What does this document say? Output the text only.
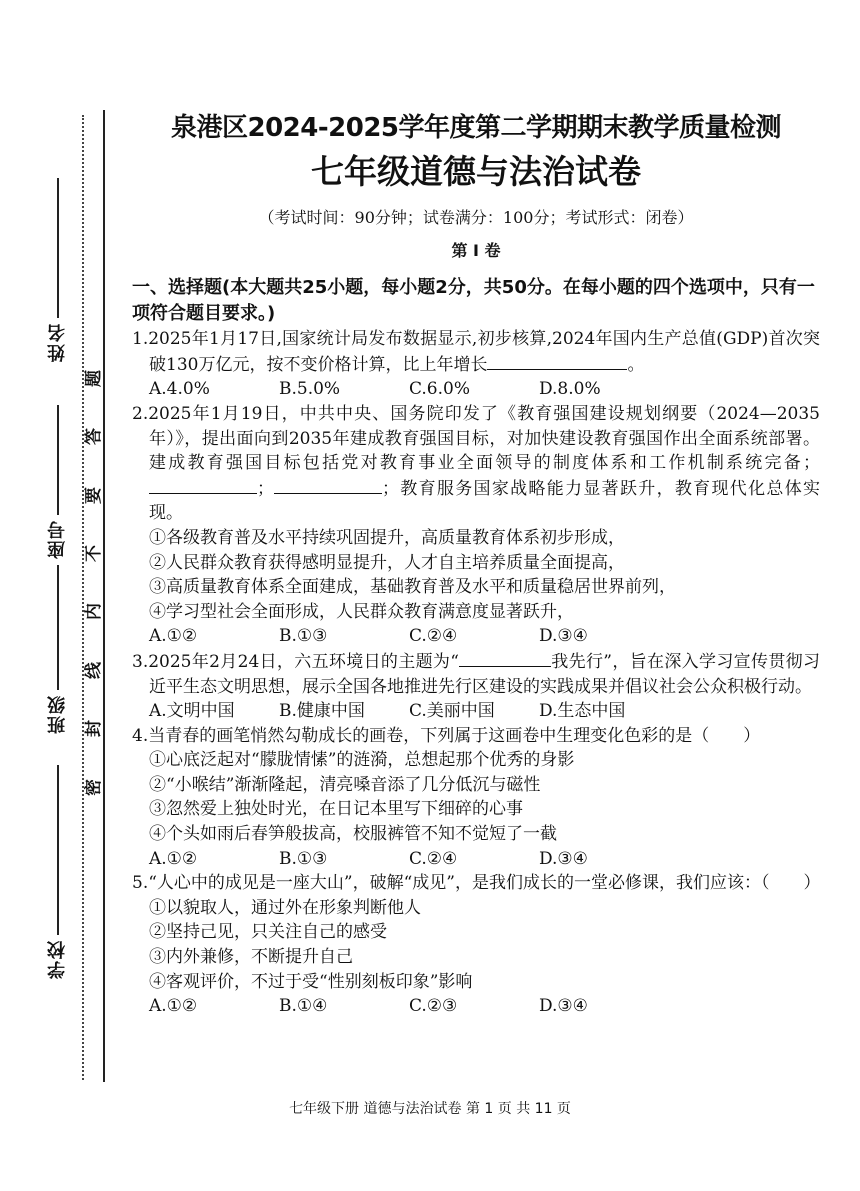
姓名
座号
班级
学校
题
答
要
不
内
线
封
密
泉港区2024-2025学年度第二学期期末教学质量检测
七年级道德与法治试卷
（考试时间：90分钟；试卷满分：100分；考试形式：闭卷）
第 Ⅰ 卷
一、选择题(本大题共25小题，每小题2分，共50分。在每小题的四个选项中，只有一项符合题目要求。)
1.2025年1月17日,国家统计局发布数据显示,初步核算,2024年国内生产总值(GDP)首次突破130万亿元，按不变价格计算，比上年增长	。
A.4.0%	B.5.0%	C.6.0%	D.8.0%
2.2025年1月19日，中共中央、国务院印发了《教育强国建设规划纲要（2024—2035年）》，提出面向到2035年建成教育强国目标，对加快建设教育强国作出全面系统部署。建成教育强国目标包括党对教育事业全面领导的制度体系和工作机制系统完备；；	；教育服务国家战略能力显著跃升，教育现代化总体实现。
①各级教育普及水平持续巩固提升，高质量教育体系初步形成，
②人民群众教育获得感明显提升，人才自主培养质量全面提高，
③高质量教育体系全面建成，基础教育普及水平和质量稳居世界前列，
④学习型社会全面形成，人民群众教育满意度显著跃升，
A.①②	B.①③	C.②④	D.③④
3.2025年2月24日，六五环境日的主题为“	我先行”，旨在深入学习宣传贯彻习近平生态文明思想，展示全国各地推进先行区建设的实践成果并倡议社会公众积极行动。
A.文明中国	B.健康中国	C.美丽中国	D.生态中国
4.当青春的画笔悄然勾勒成长的画卷，下列属于这画卷中生理变化色彩的是（　　）
①心底泛起对“朦胧情愫”的涟漪，总想起那个优秀的身影
②“小喉结”渐渐隆起，清亮嗓音添了几分低沉与磁性
③忽然爱上独处时光，在日记本里写下细碎的心事
④个头如雨后春笋般拔高，校服裤管不知不觉短了一截
A.①②	B.①③	C.②④	D.③④
5.“人心中的成见是一座大山”，破解“成见”，是我们成长的一堂必修课，我们应该：（　　）
①以貌取人，通过外在形象判断他人
②坚持己见，只关注自己的感受
③内外兼修，不断提升自己
④客观评价，不过于受“性别刻板印象”影响
A.①②	B.①④	C.②③	D.③④
七年级下册 道德与法治试卷 第 1 页 共 11 页
